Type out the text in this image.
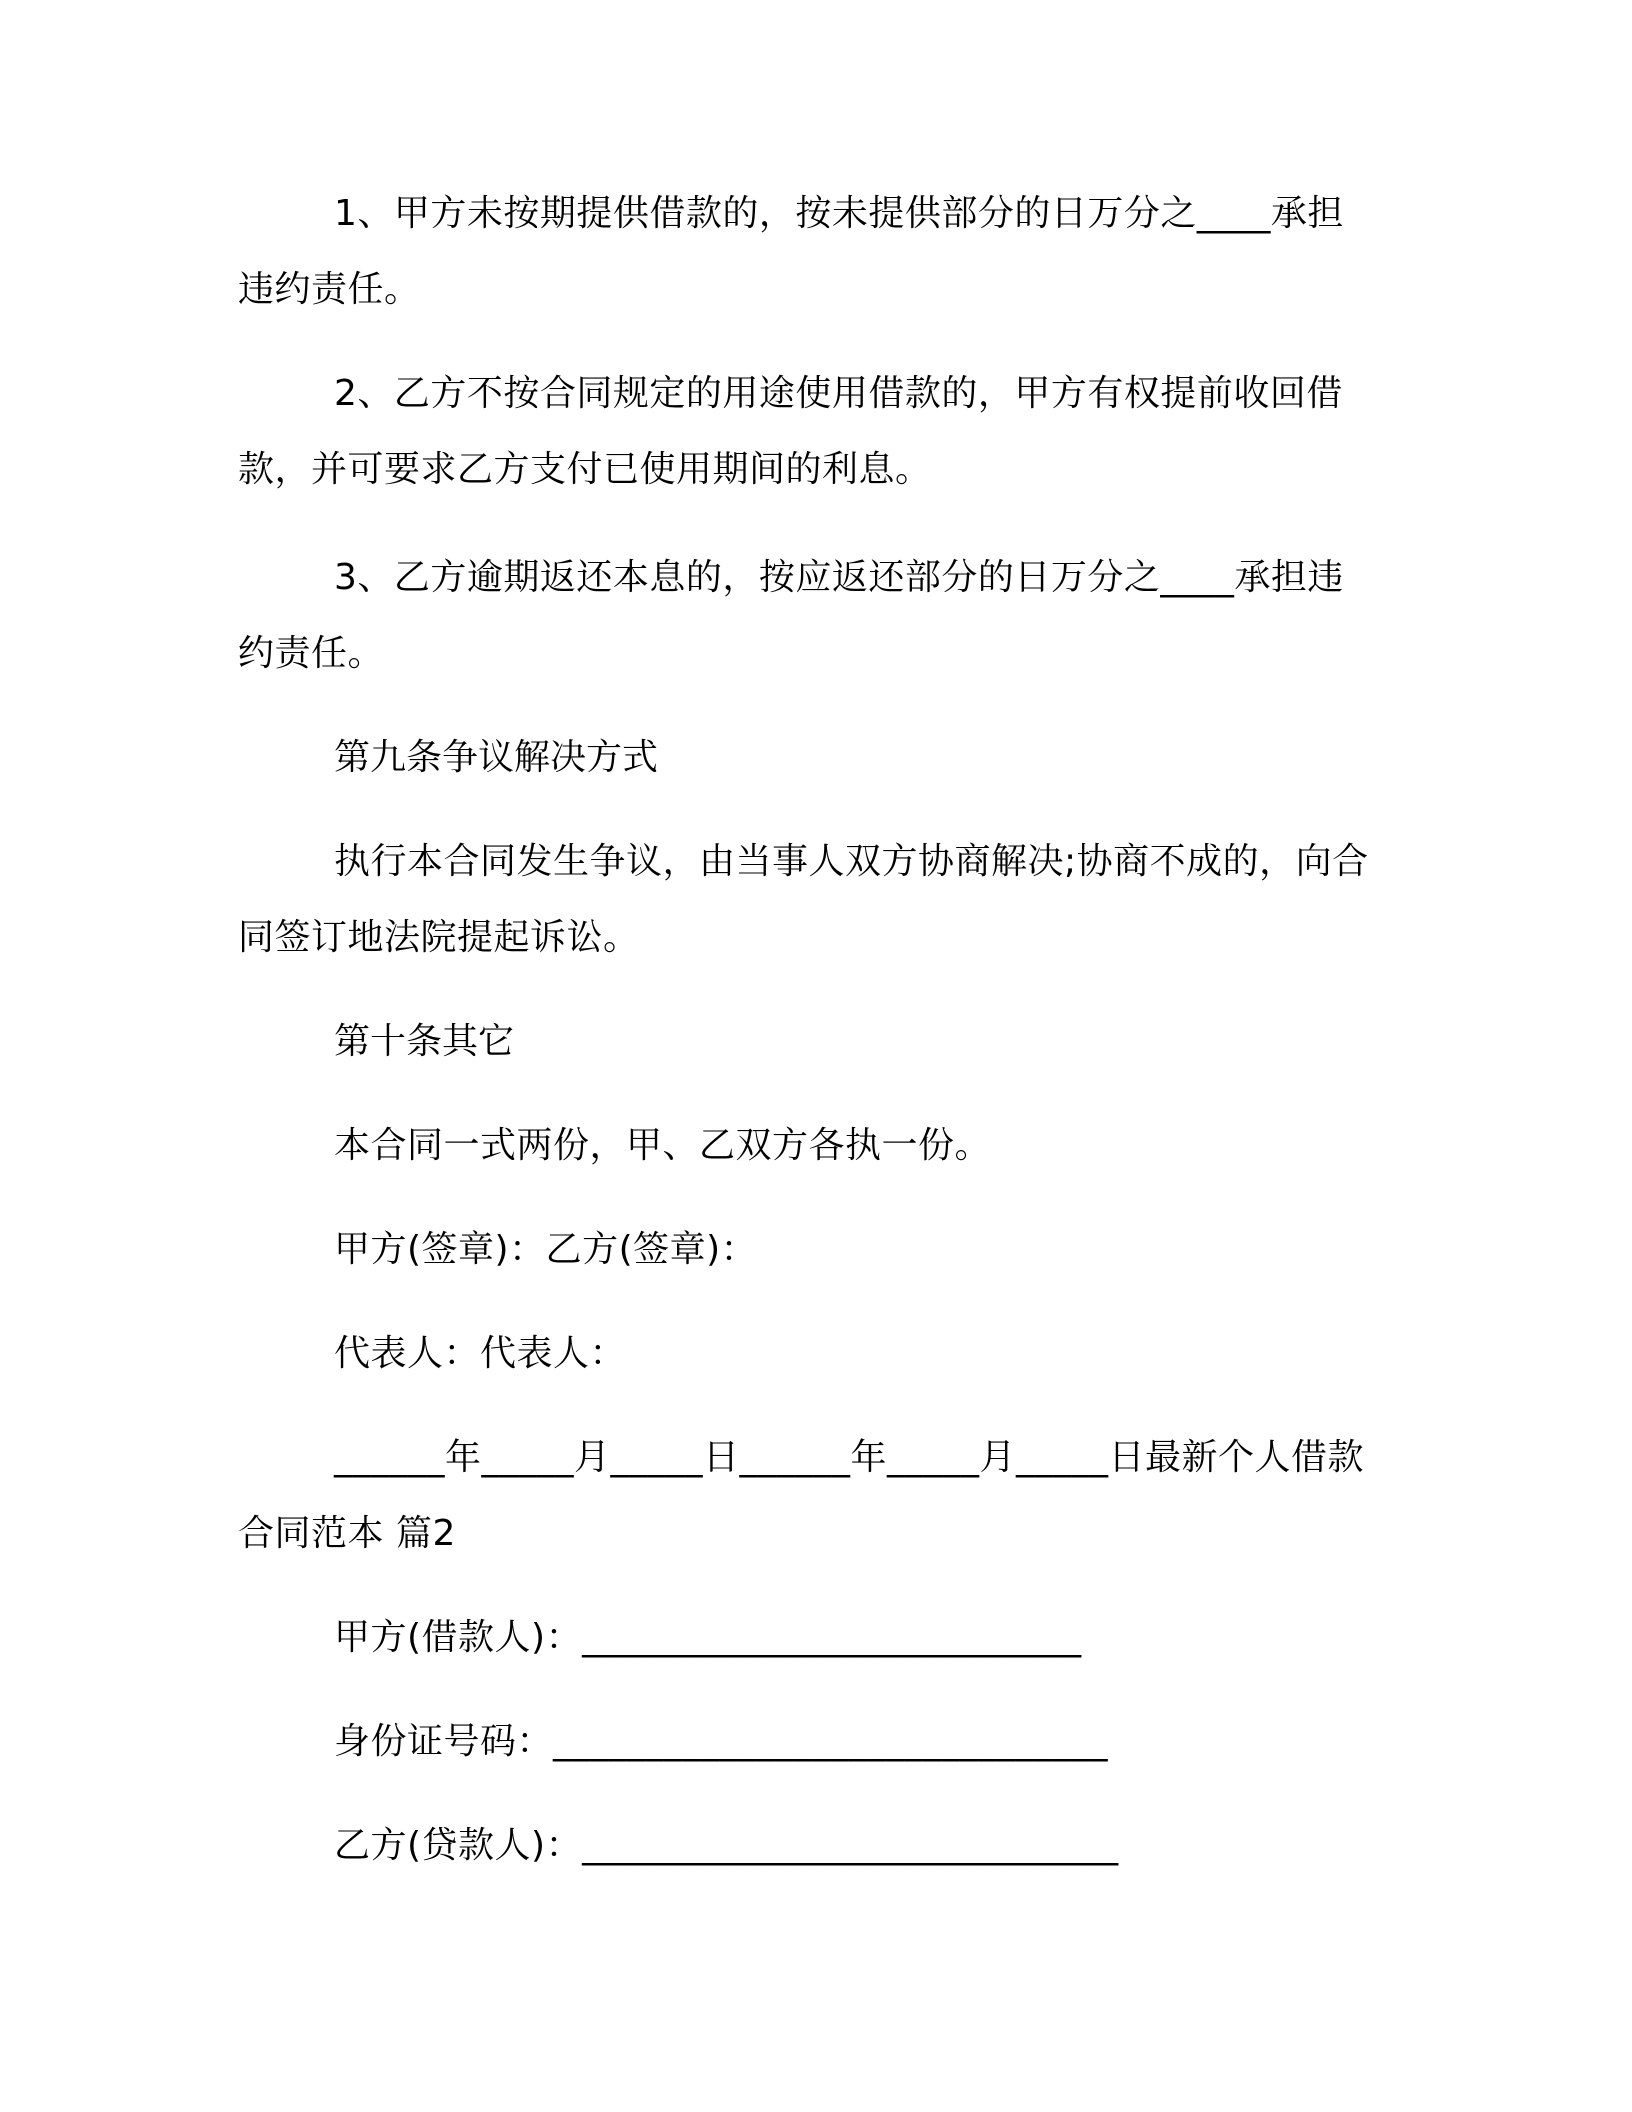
1、甲方未按期提供借款的，按未提供部分的日万分之____承担违约责任。

2、乙方不按合同规定的用途使用借款的，甲方有权提前收回借款，并可要求乙方支付已使用期间的利息。

3、乙方逾期返还本息的，按应返还部分的日万分之____承担违约责任。

第九条争议解决方式

执行本合同发生争议，由当事人双方协商解决;协商不成的，向合同签订地法院提起诉讼。

第十条其它

本合同一式两份，甲、乙双方各执一份。

甲方(签章)：乙方(签章)：

代表人：代表人：

______年_____月_____日______年_____月_____日最新个人借款合同范本 篇2

甲方(借款人)：___________________________

身份证号码：______________________________

乙方(贷款人)：_____________________________
